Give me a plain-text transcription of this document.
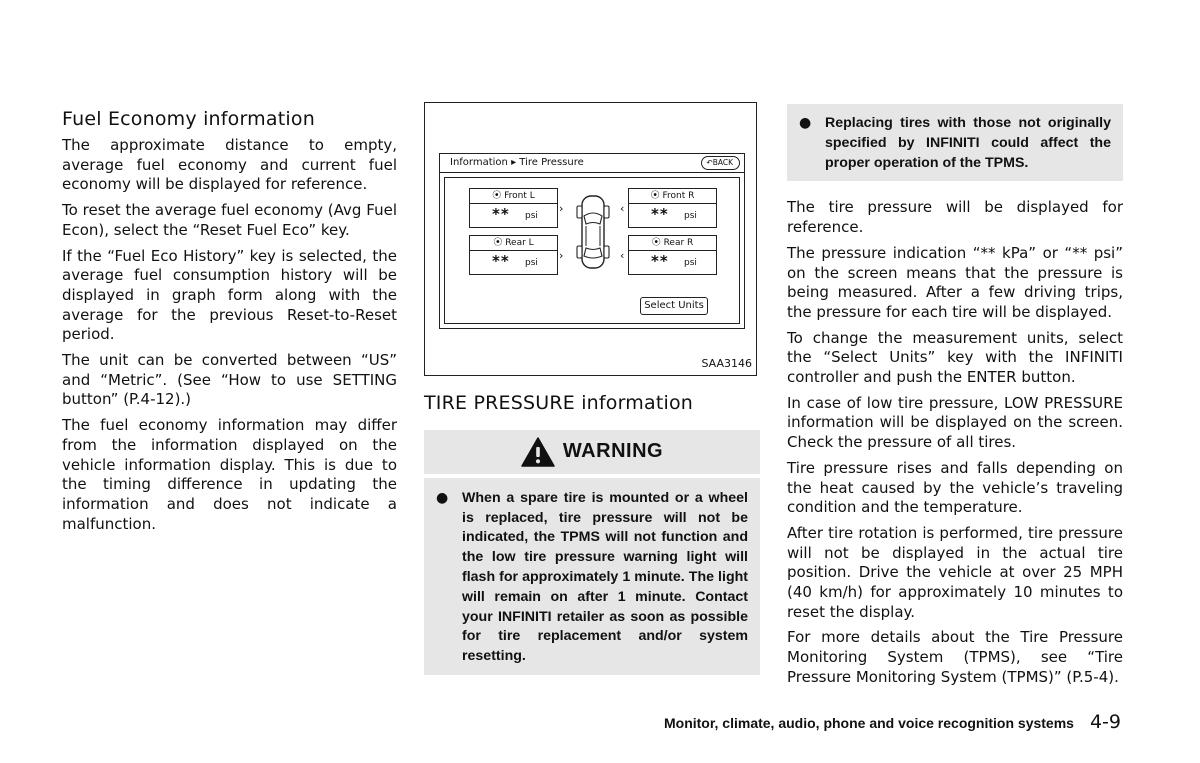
Fuel Economy information

The approximate distance to empty, average fuel economy and current fuel economy will be displayed for reference.

To reset the average fuel economy (Avg Fuel Econ), select the “Reset Fuel Eco” key.

If the “Fuel Eco History” key is selected, the average fuel consumption history will be displayed in graph form along with the average for the previous Reset-to-Reset period.

The unit can be converted between “US” and “Metric”. (See “How to use SETTING button” (P.4-12).)

The fuel economy information may differ from the information displayed on the vehicle information display. This is due to the timing difference in updating the information and does not indicate a malfunction.

Information ▸ Tire Pressure	↶BACK
⦿ Front L
** psi
⦿ Front R
** psi
⦿ Rear L
** psi
⦿ Rear R
** psi
›
›
‹
‹
Select Units
SAA3146
TIRE PRESSURE information
WARNING
● When a spare tire is mounted or a wheel is replaced, tire pressure will not be indicated, the TPMS will not function and the low tire pressure warning light will flash for approximately 1 minute. The light will remain on after 1 minute. Contact your INFINITI retailer as soon as possible for tire replacement and/or system resetting.
● Replacing tires with those not originally specified by INFINITI could affect the proper operation of the TPMS.

The tire pressure will be displayed for reference.

The pressure indication “** kPa” or “** psi” on the screen means that the pressure is being measured. After a few driving trips, the pressure for each tire will be displayed.

To change the measurement units, select the “Select Units” key with the INFINITI controller and push the ENTER button.

In case of low tire pressure, LOW PRESSURE information will be displayed on the screen. Check the pressure of all tires.

Tire pressure rises and falls depending on the heat caused by the vehicle’s traveling condition and the temperature.

After tire rotation is performed, tire pressure will not be displayed in the actual tire position. Drive the vehicle at over 25 MPH (40 km/h) for approximately 10 minutes to reset the display.

For more details about the Tire Pressure Monitoring System (TPMS), see “Tire Pressure Monitoring System (TPMS)” (P.5-4).

Monitor, climate, audio, phone and voice recognition systems 4-9
